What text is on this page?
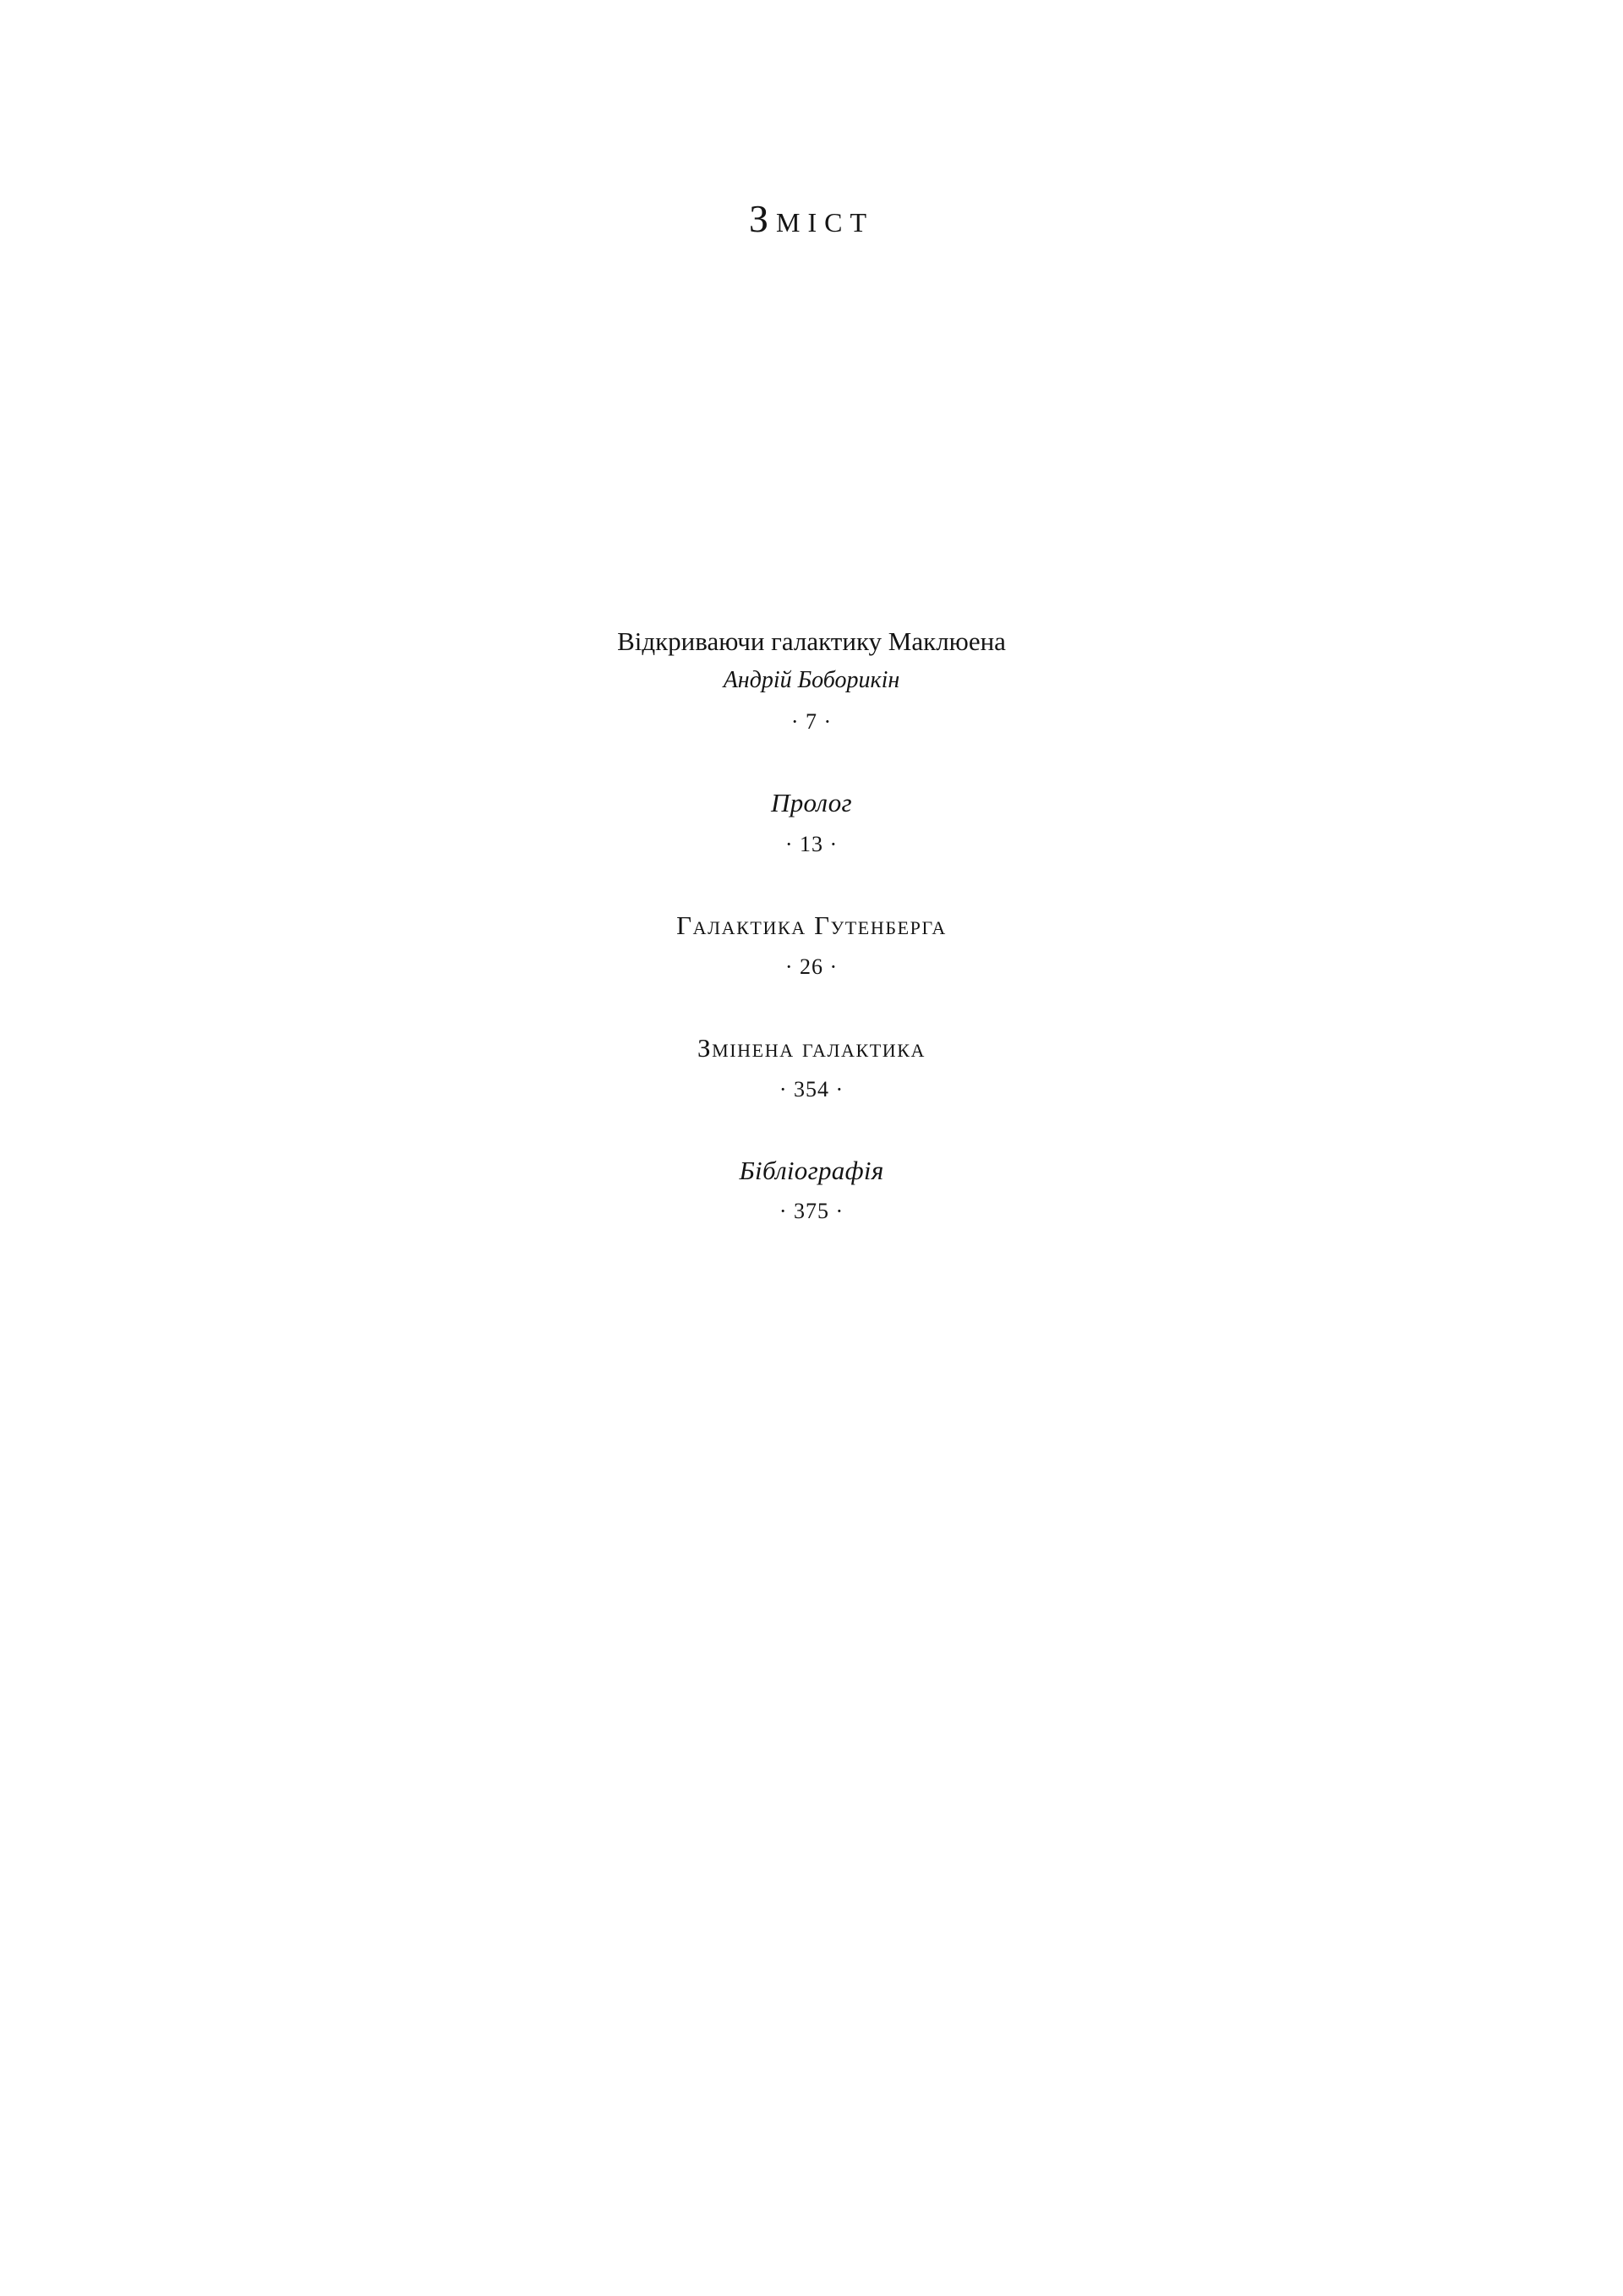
Зміст
Відкриваючи галактику Маклюена
Андрій Боборикін
· 7 ·
Пролог
· 13 ·
Галактика Гутенберга
· 26 ·
Змінена галактика
· 354 ·
Бібліографія
· 375 ·
